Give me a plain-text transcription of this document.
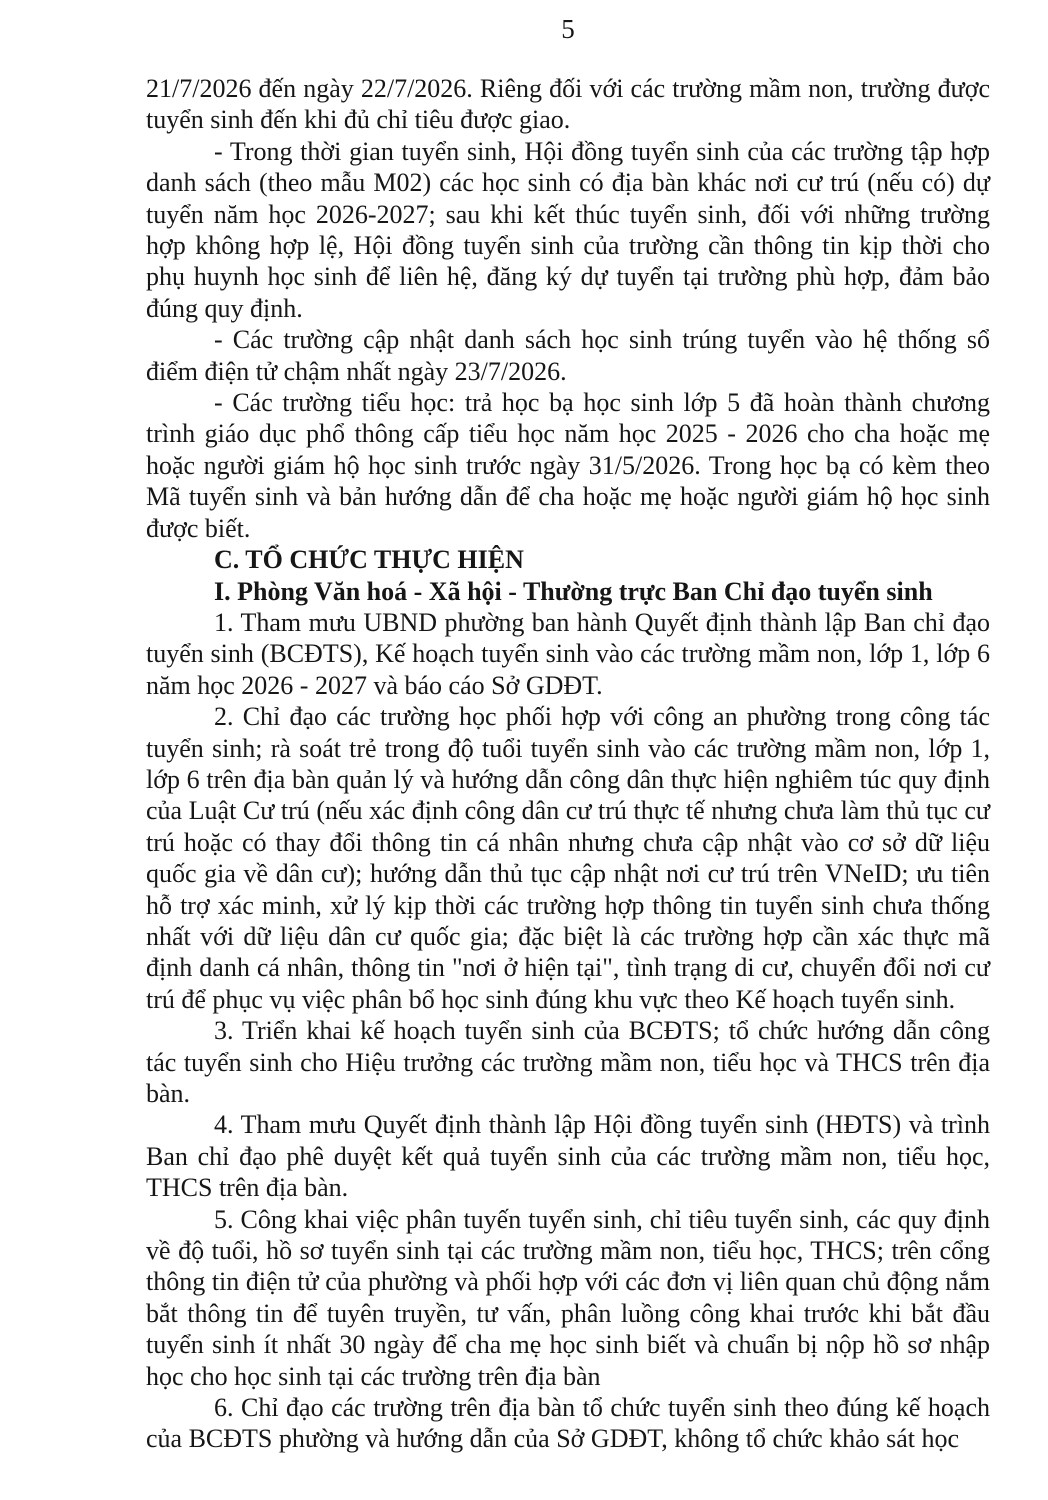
5

21/7/2026 đến ngày 22/7/2026. Riêng đối với các trường mầm non, trường được tuyển sinh đến khi đủ chỉ tiêu được giao.

- Trong thời gian tuyển sinh, Hội đồng tuyển sinh của các trường tập hợp danh sách (theo mẫu M02) các học sinh có địa bàn khác nơi cư trú (nếu có) dự tuyển năm học 2026-2027; sau khi kết thúc tuyển sinh, đối với những trường hợp không hợp lệ, Hội đồng tuyển sinh của trường cần thông tin kịp thời cho phụ huynh học sinh để liên hệ, đăng ký dự tuyển tại trường phù hợp, đảm bảo đúng quy định.

- Các trường cập nhật danh sách học sinh trúng tuyển vào hệ thống sổ điểm điện tử chậm nhất ngày 23/7/2026.

- Các trường tiểu học: trả học bạ học sinh lớp 5 đã hoàn thành chương trình giáo dục phổ thông cấp tiểu học năm học 2025 - 2026 cho cha hoặc mẹ hoặc người giám hộ học sinh trước ngày 31/5/2026. Trong học bạ có kèm theo Mã tuyển sinh và bản hướng dẫn để cha hoặc mẹ hoặc người giám hộ học sinh được biết.

C. TỔ CHỨC THỰC HIỆN

I. Phòng Văn hoá - Xã hội - Thường trực Ban Chỉ đạo tuyển sinh

1. Tham mưu UBND phường ban hành Quyết định thành lập Ban chỉ đạo tuyển sinh (BCĐTS), Kế hoạch tuyển sinh vào các trường mầm non, lớp 1, lớp 6 năm học 2026 - 2027 và báo cáo Sở GDĐT.

2. Chỉ đạo các trường học phối hợp với công an phường trong công tác tuyển sinh; rà soát trẻ trong độ tuổi tuyển sinh vào các trường mầm non, lớp 1, lớp 6 trên địa bàn quản lý và hướng dẫn công dân thực hiện nghiêm túc quy định của Luật Cư trú (nếu xác định công dân cư trú thực tế nhưng chưa làm thủ tục cư trú hoặc có thay đổi thông tin cá nhân nhưng chưa cập nhật vào cơ sở dữ liệu quốc gia về dân cư); hướng dẫn thủ tục cập nhật nơi cư trú trên VNeID; ưu tiên hỗ trợ xác minh, xử lý kịp thời các trường hợp thông tin tuyển sinh chưa thống nhất với dữ liệu dân cư quốc gia; đặc biệt là các trường hợp cần xác thực mã định danh cá nhân, thông tin "nơi ở hiện tại", tình trạng di cư, chuyển đổi nơi cư trú để phục vụ việc phân bổ học sinh đúng khu vực theo Kế hoạch tuyển sinh.

3. Triển khai kế hoạch tuyển sinh của BCĐTS; tổ chức hướng dẫn công tác tuyển sinh cho Hiệu trưởng các trường mầm non, tiểu học và THCS trên địa bàn.

4. Tham mưu Quyết định thành lập Hội đồng tuyển sinh (HĐTS) và trình Ban chỉ đạo phê duyệt kết quả tuyển sinh của các trường mầm non, tiểu học, THCS trên địa bàn.

5. Công khai việc phân tuyến tuyển sinh, chỉ tiêu tuyển sinh, các quy định về độ tuổi, hồ sơ tuyển sinh tại các trường mầm non, tiểu học, THCS; trên cổng thông tin điện tử của phường và phối hợp với các đơn vị liên quan chủ động nắm bắt thông tin để tuyên truyền, tư vấn, phân luồng công khai trước khi bắt đầu tuyển sinh ít nhất 30 ngày để cha mẹ học sinh biết và chuẩn bị nộp hồ sơ nhập học cho học sinh tại các trường trên địa bàn

6. Chỉ đạo các trường trên địa bàn tổ chức tuyển sinh theo đúng kế hoạch của BCĐTS phường và hướng dẫn của Sở GDĐT, không tổ chức khảo sát học
